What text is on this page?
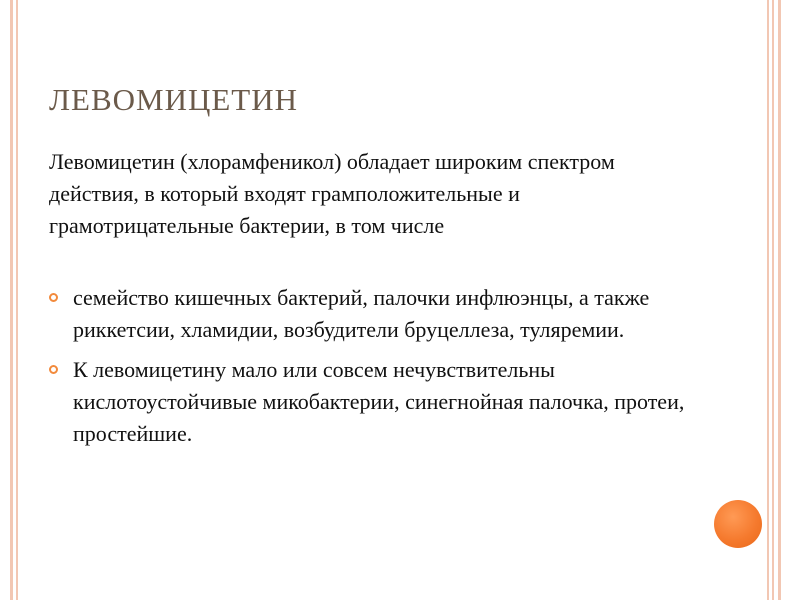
ЛЕВОМИЦЕТИН

Левомицетин (хлорамфеникол) обладает широким спектром действия, в который входят грамположительные и грамотрицательные бактерии, в том числе

семейство кишечных бактерий, палочки инфлюэнцы, а также риккетсии, хламидии, возбудители бруцеллеза, туляремии.
К левомицетину мало или совсем нечувствительны кислотоустойчивые микобактерии, синегнойная палочка, протеи, простейшие.
